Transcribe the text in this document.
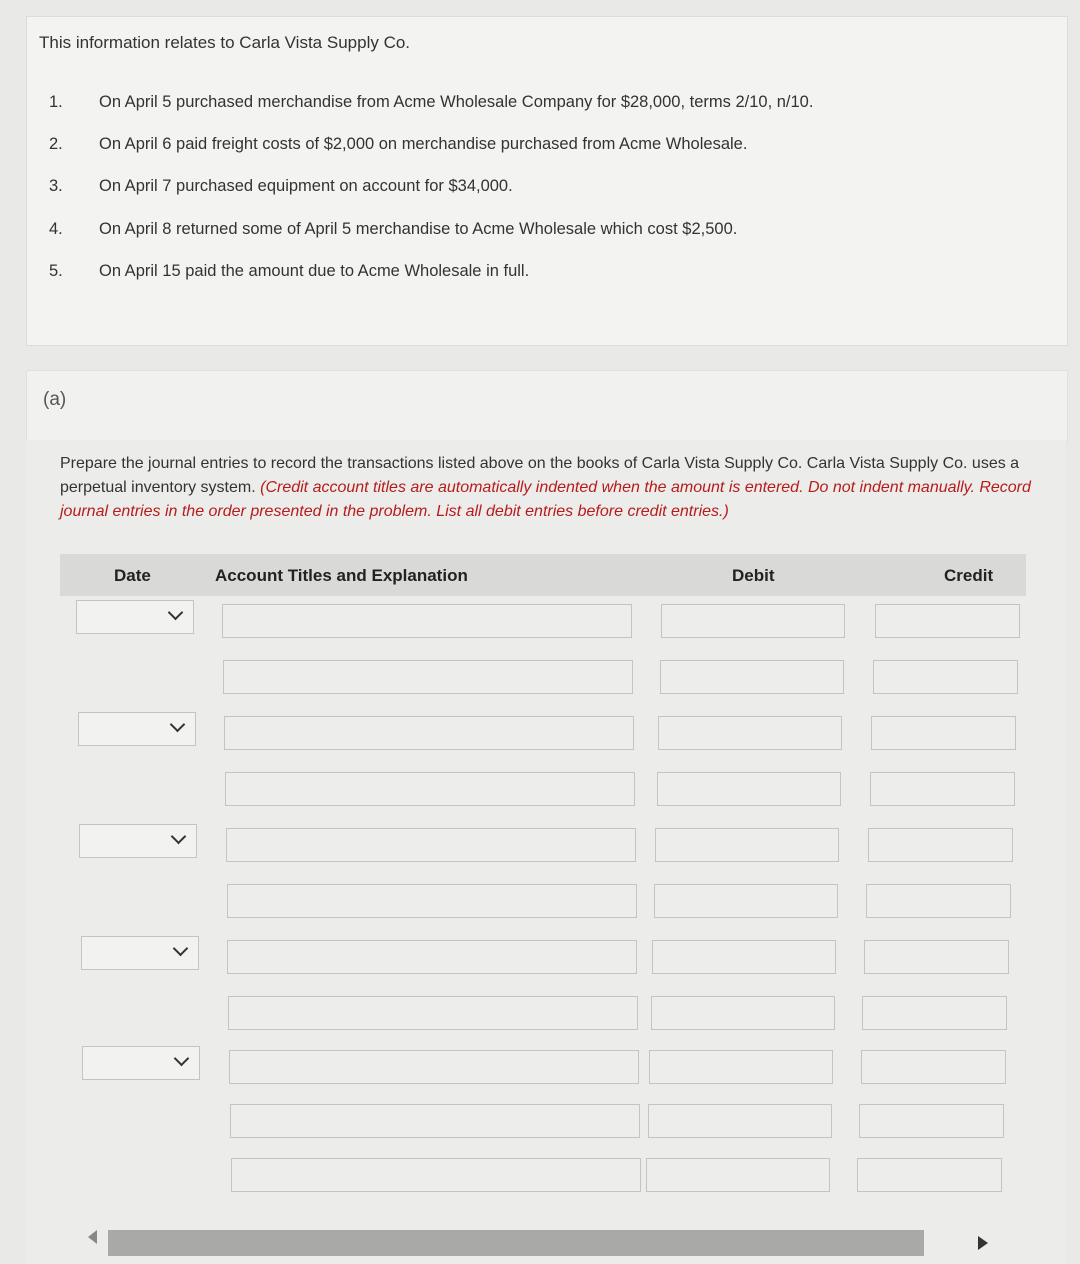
This information relates to Carla Vista Supply Co.
1.	On April 5 purchased merchandise from Acme Wholesale Company for $28,000, terms 2/10, n/10.
2.	On April 6 paid freight costs of $2,000 on merchandise purchased from Acme Wholesale.
3.	On April 7 purchased equipment on account for $34,000.
4.	On April 8 returned some of April 5 merchandise to Acme Wholesale which cost $2,500.
5.	On April 15 paid the amount due to Acme Wholesale in full.
(a)
Prepare the journal entries to record the transactions listed above on the books of Carla Vista Supply Co. Carla Vista Supply Co. uses a perpetual inventory system. (Credit account titles are automatically indented when the amount is entered. Do not indent manually. Record journal entries in the order presented in the problem. List all debit entries before credit entries.)
Date	Account Titles and Explanation	Debit	Credit
